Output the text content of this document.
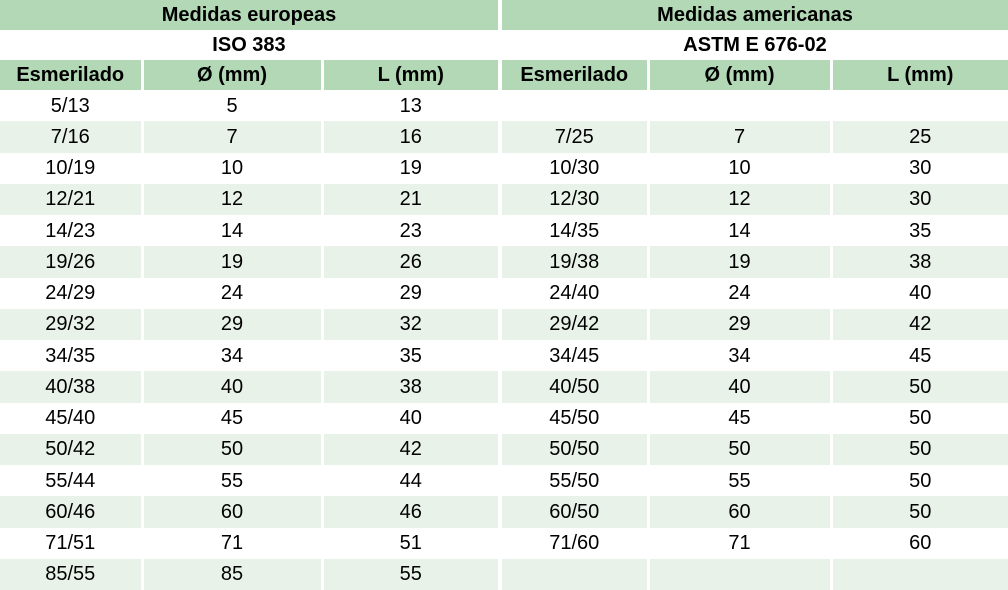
Medidas europeas				Medidas americanas		
ISO 383				ASTM E 676-02		
Esmerilado	Ø (mm)	L (mm)		Esmerilado	Ø (mm)	L (mm)
5/13	5	13				
7/16	7	16		7/25	7	25
10/19	10	19		10/30	10	30
12/21	12	21		12/30	12	30
14/23	14	23		14/35	14	35
19/26	19	26		19/38	19	38
24/29	24	29		24/40	24	40
29/32	29	32		29/42	29	42
34/35	34	35		34/45	34	45
40/38	40	38		40/50	40	50
45/40	45	40		45/50	45	50
50/42	50	42		50/50	50	50
55/44	55	44		55/50	55	50
60/46	60	46		60/50	60	50
71/51	71	51		71/60	71	60
85/55	85	55				
